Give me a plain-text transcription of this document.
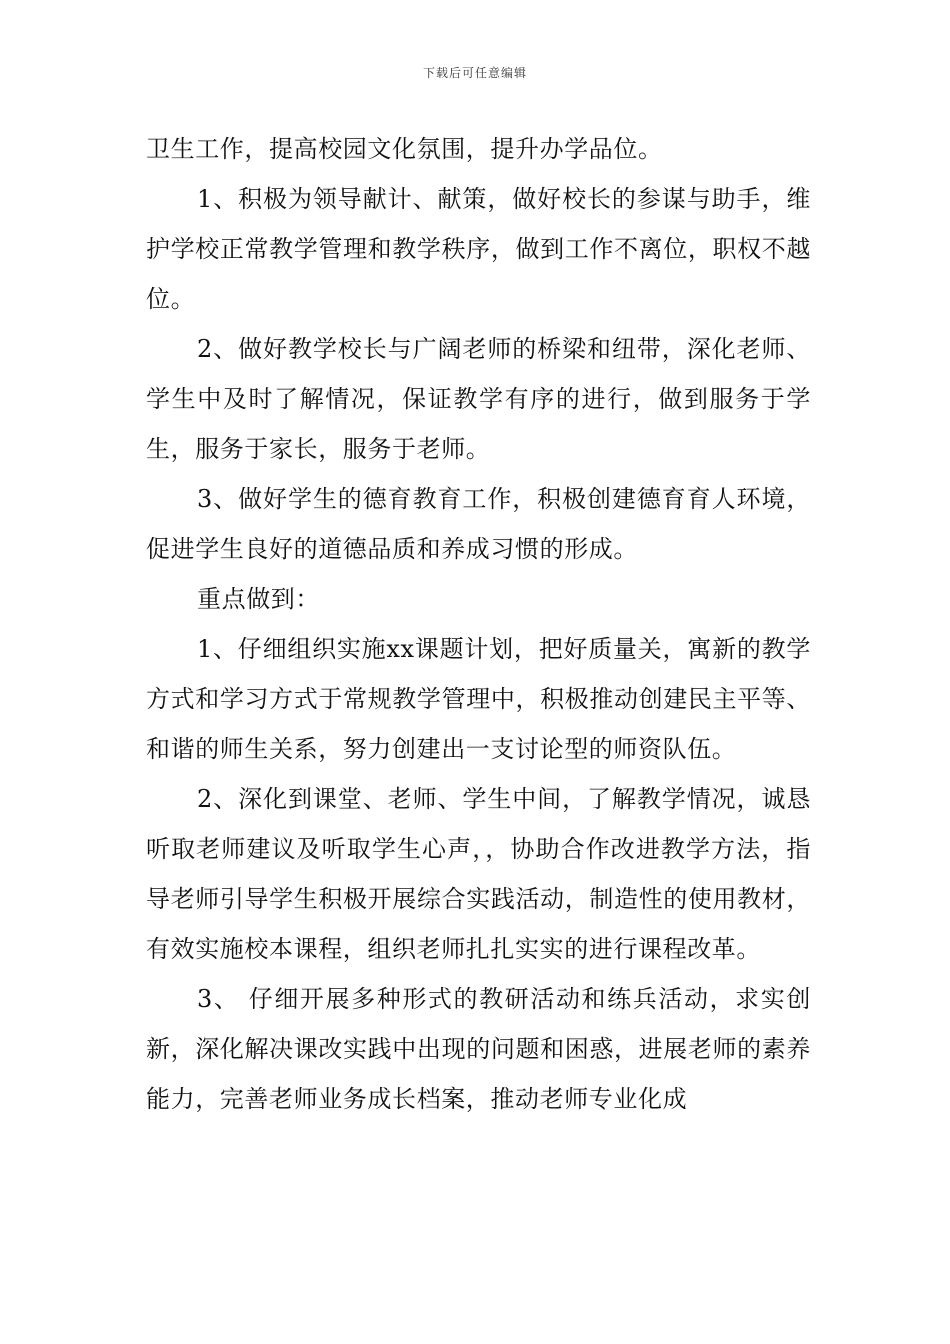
下载后可任意编辑

卫生工作，提高校园文化氛围，提升办学品位。

1、积极为领导献计、献策，做好校长的参谋与助手，维护学校正常教学管理和教学秩序，做到工作不离位，职权不越位。

2、做好教学校长与广阔老师的桥梁和纽带，深化老师、学生中及时了解情况，保证教学有序的进行，做到服务于学生，服务于家长，服务于老师。

3、做好学生的德育教育工作，积极创建德育育人环境，促进学生良好的道德品质和养成习惯的形成。

重点做到：

1、仔细组织实施xx课题计划，把好质量关，寓新的教学方式和学习方式于常规教学管理中，积极推动创建民主平等、和谐的师生关系，努力创建出一支讨论型的师资队伍。

2、深化到课堂、老师、学生中间，了解教学情况，诚恳听取老师建议及听取学生心声，，协助合作改进教学方法，指导老师引导学生积极开展综合实践活动，制造性的使用教材，有效实施校本课程，组织老师扎扎实实的进行课程改革。

3、 仔细开展多种形式的教研活动和练兵活动，求实创新，深化解决课改实践中出现的问题和困惑，进展老师的素养能力，完善老师业务成长档案，推动老师专业化成
